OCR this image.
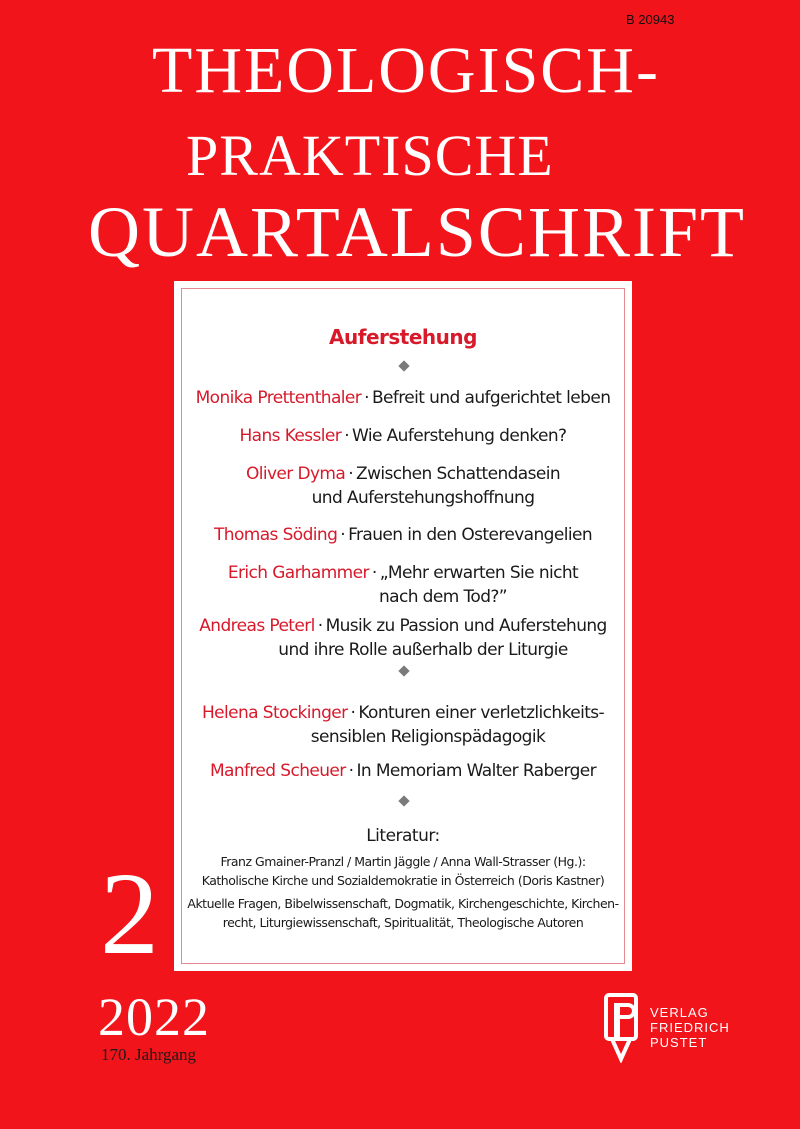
B 20943
THEOLOGISCH-
PRAKTISCHE
QUARTALSCHRIFT
Auferstehung
Monika Prettenthaler · Befreit und aufgerichtet leben
Hans Kessler · Wie Auferstehung denken?
Oliver Dyma · Zwischen Schattendasein
und Auferstehungshoffnung
Thomas Söding · Frauen in den Osterevangelien
Erich Garhammer · „Mehr erwarten Sie nicht
nach dem Tod?”
Andreas Peterl · Musik zu Passion und Auferstehung
und ihre Rolle außerhalb der Liturgie
Helena Stockinger · Konturen einer verletzlichkeits-
sensiblen Religionspädagogik
Manfred Scheuer · In Memoriam Walter Raberger
Literatur:
Franz Gmainer-Pranzl / Martin Jäggle / Anna Wall-Strasser (Hg.):
Katholische Kirche und Sozialdemokratie in Österreich (Doris Kastner)
Aktuelle Fragen, Bibelwissenschaft, Dogmatik, Kirchengeschichte, Kirchen-
recht, Liturgiewissenschaft, Spiritualität, Theologische Autoren
2
2022
170. Jahrgang
VERLAG
FRIEDRICH
PUSTET
